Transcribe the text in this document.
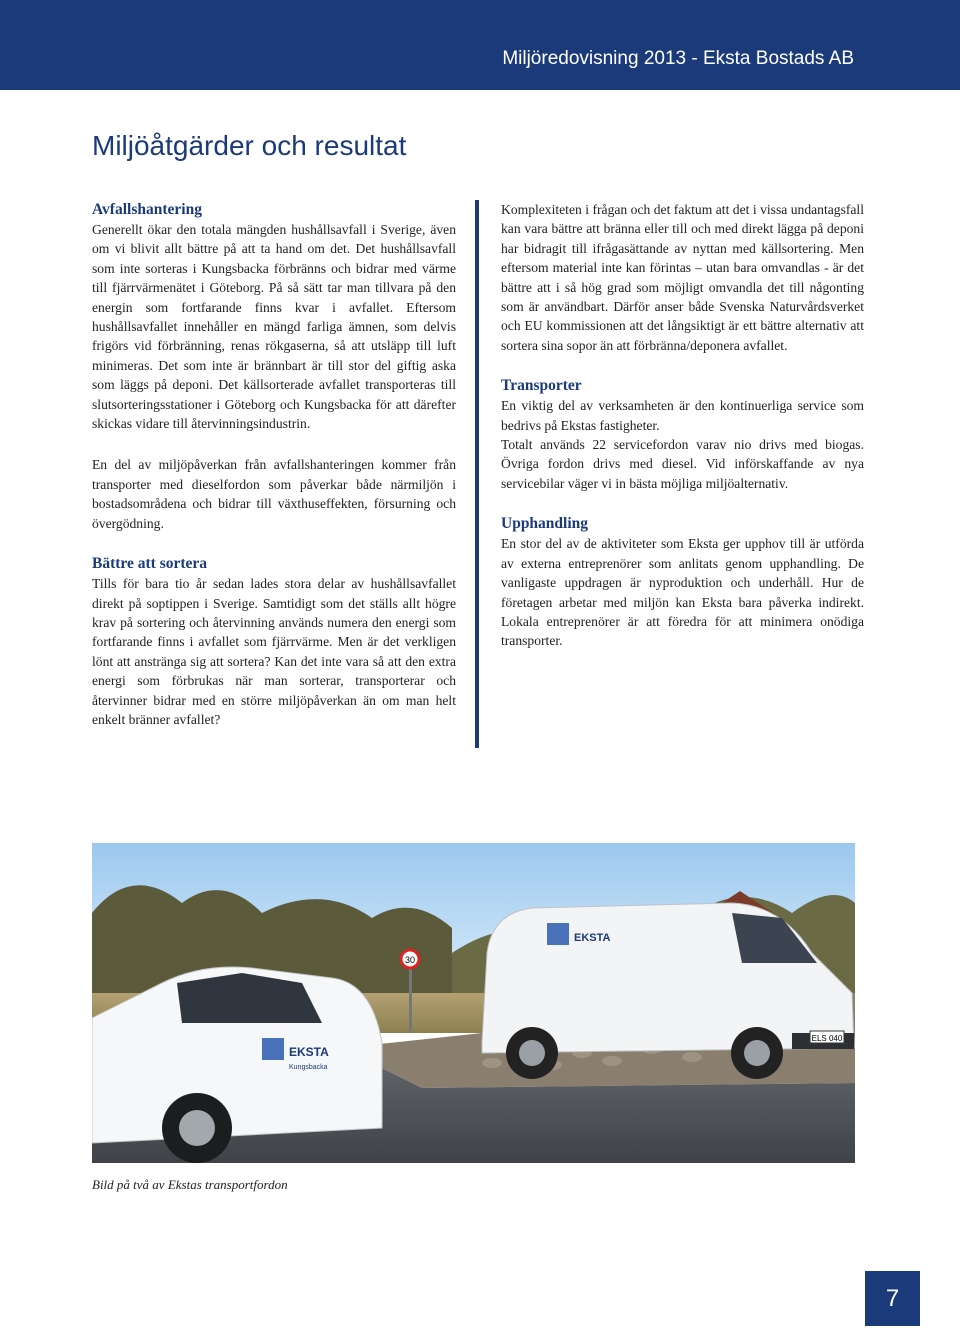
Miljöredovisning 2013 - Eksta Bostads AB
Miljöåtgärder och resultat
Avfallshantering

Generellt ökar den totala mängden hushållsavfall i Sverige, även om vi blivit allt bättre på att ta hand om det. Det hushållsavfall som inte sorteras i Kungsbacka förbränns och bidrar med värme till fjärrvärmenätet i Göteborg. På så sätt tar man tillvara på den energin som fortfarande finns kvar i avfallet. Eftersom hushållsavfallet innehåller en mängd farliga ämnen, som delvis frigörs vid förbränning, renas rökgaserna, så att utsläpp till luft minimeras. Det som inte är brännbart är till stor del giftig aska som läggs på deponi. Det källsorterade avfallet transporteras till slutsorteringsstationer i Göteborg och Kungsbacka för att därefter skickas vidare till återvinningsindustrin.

En del av miljöpåverkan från avfallshanteringen kommer från transporter med dieselfordon som påverkar både närmiljön i bostadsområdena och bidrar till växthuseffekten, försurning och övergödning.

Bättre att sortera

Tills för bara tio år sedan lades stora delar av hushållsavfallet direkt på soptippen i Sverige. Samtidigt som det ställs allt högre krav på sortering och återvinning används numera den energi som fortfarande finns i avfallet som fjärrvärme. Men är det verkligen lönt att anstränga sig att sortera? Kan det inte vara så att den extra energi som förbrukas när man sorterar, transporterar och återvinner bidrar med en större miljöpåverkan än om man helt enkelt bränner avfallet?

Komplexiteten i frågan och det faktum att det i vissa undantagsfall kan vara bättre att bränna eller till och med direkt lägga på deponi har bidragit till ifrågasättande av nyttan med källsortering. Men eftersom material inte kan förintas – utan bara omvandlas - är det bättre att i så hög grad som möjligt omvandla det till någonting som är användbart. Därför anser både Svenska Naturvårdsverket och EU kommissionen att det långsiktigt är ett bättre alternativ att sortera sina sopor än att förbränna/deponera avfallet.

Transporter

En viktig del av verksamheten är den kontinuerliga service som bedrivs på Ekstas fastigheter.

Totalt används 22 servicefordon varav nio drivs med biogas. Övriga fordon drivs med diesel. Vid införskaffande av nya servicebilar väger vi in bästa möjliga miljöalternativ.

Upphandling

En stor del av de aktiviteter som Eksta ger upphov till är utförda av externa entreprenörer som anlitats genom upphandling. De vanligaste uppdragen är nyproduktion och underhåll. Hur de företagen arbetar med miljön kan Eksta bara påverka indirekt. Lokala entreprenörer är att föredra för att minimera onödiga transporter.

30
ELS 040
EKSTA
EKSTA
Kungsbacka
Bild på två av Ekstas transportfordon
7
